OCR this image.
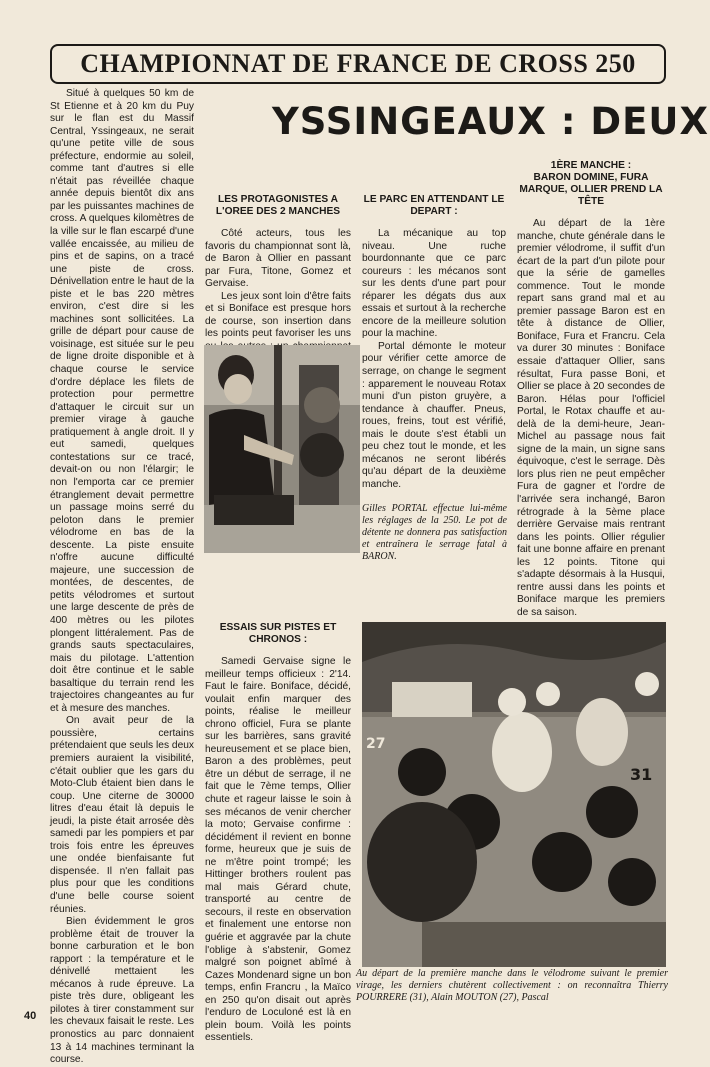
CHAMPIONNAT DE FRANCE DE CROSS 250
YSSINGEAUX : DEUX

Situé à quelques 50 km de St Etienne et à 20 km du Puy sur le flan est du Massif Central, Yssingeaux, ne serait qu'une petite ville de sous préfecture, endormie au soleil, comme tant d'autres si elle n'était pas réveillée chaque année depuis bientôt dix ans par les puissantes machines de cross. A quelques kilomètres de la ville sur le flan escarpé d'une vallée encaissée, au milieu de pins et de sapins, on a tracé une piste de cross. Dénivellation entre le haut de la piste et le bas 220 mètres environ, c'est dire si les machines sont sollicitées. La grille de départ pour cause de voisinage, est située sur le peu de ligne droite disponible et à chaque course le service d'ordre déplace les filets de protection pour permettre d'attaquer le circuit sur un premier virage à gauche pratiquement à angle droit. Il y eut samedi, quelques contestations sur ce tracé, devait-on ou non l'élargir; le non l'emporta car ce premier étranglement devait permettre un passage moins serré du peloton dans le premier vélodrome en bas de la descente. La piste ensuite n'offre aucune difficulté majeure, une succession de montées, de descentes, de petits vélodromes et surtout une large descente de près de 400 mètres ou les pilotes plongent littéralement. Pas de grands sauts spectaculaires, mais du pilotage. L'attention doit être continue et le sable basaltique du terrain rend les trajectoires changeantes au fur et à mesure des manches.

On avait peur de la poussière, certains prétendaient que seuls les deux premiers auraient la visibilité, c'était oublier que les gars du Moto-Club étaient bien dans le coup. Une citerne de 30000 litres d'eau était là depuis le jeudi, la piste était arrosée dès samedi par les pompiers et par trois fois entre les épreuves une ondée bienfaisante fut dispensée. Il n'en fallait pas plus pour que les conditions d'une belle course soient réunies.

Bien évidemment le gros problème était de trouver la bonne carburation et le bon rapport : la température et le dénivellé mettaient les mécanos à rude épreuve. La piste très dure, obligeant les pilotes à tirer constamment sur les chevaux faisait le reste. Les pronostics au parc donnaient 13 à 14 machines terminant la course.

LES PROTAGONISTES A L'OREE DES 2 MANCHES

Côté acteurs, tous les favoris du championnat sont là, de Baron à Ollier en passant par Fura, Titone, Gomez et Gervaise.

Les jeux sont loin d'être faits et si Boniface est presque hors de course, son insertion dans les points peut favoriser les uns

LE PARC EN ATTENDANT LE DEPART :

La mécanique au top niveau. Une ruche bourdonnante que ce parc coureurs : les mécanos sont sur les dents d'une part pour réparer les dégats dus aux essais et surtout à la recherche encore de la meilleure solution pour la machine.

Portal démonte le moteur pour vérifier cette amorce de serrage, on change le segment : apparement le nouveau Rotax muni d'un piston gruyère, a tendance à chauffer. Pneus, roues, freins, tout est vérifié, mais le doute s'est établi un peu chez tout le monde, et les mécanos ne seront libérés qu'au départ de la deuxième manche.

1ÈRE MANCHE :
BARON DOMINE, FURA MARQUE, OLLIER PREND LA TÊTE

Au départ de la 1ère manche, chute générale dans le premier vélodrome, il suffit d'un écart de la part d'un pilote pour que la série de gamelles commence. Tout le monde repart sans grand mal et au premier passage Baron est en tête à distance de Ollier, Boniface, Fura et Francru. Cela va durer 30 minutes : Boniface essaie d'attaquer Ollier, sans résultat, Fura passe Boni, et Ollier se place à 20 secondes de Baron. Hélas pour l'officiel Portal, le Rotax chauffe et au-delà de la demi-heure, Jean-Michel au passage nous fait signe de la main, un signe sans équivoque, c'est le serrage. Dès lors plus rien ne peut empêcher Fura de gagner et l'ordre de l'arrivée sera inchangé, Baron rétrograde à la 5ème place derrière Gervaise mais rentrant dans les points. Ollier régulier fait une bonne affaire en prenant les 12 points. Titone qui s'adapte désormais à la Husqui, rentre aussi dans les points et Boniface marque les premiers de sa saison.

Gilles PORTAL effectue lui-même les réglages de la 250. Le pot de détente ne donnera pas satisfaction et entraînera le serrage fatal à BARON.
ESSAIS SUR PISTES ET CHRONOS :

Samedi Gervaise signe le meilleur temps officieux : 2'14. Faut le faire. Boniface, décidé, voulait enfin marquer des points, réalise le meilleur chrono officiel, Fura se plante sur les barrières, sans gravité heureusement et se place bien, Baron a des problèmes, peut être un début de serrage, il ne fait que le 7ème temps, Ollier chute et rageur laisse le soin à ses mécanos de venir chercher la moto; Gervaise confirme : décidément il revient en bonne forme, heureux que je suis de ne m'être point trompé; les Hittinger brothers roulent pas mal mais Gérard chute, transporté au centre de secours, il reste en observation et finalement une entorse non guérie et aggravée par la chute l'oblige à s'abstenir, Gomez malgré son poignet abîmé à Cazes Mondenard signe un bon temps, enfin Francru , la Maïco en 250 qu'on disait out après l'enduro de Loculoné est là en plein boum. Voilà les points essentiels.

31
27
Au départ de la première manche dans le vélodrome suivant le premier virage, les derniers chutèrent collectivement : on reconnaîtra Thierry POURRERE (31), Alain MOUTON (27), Pascal
40
